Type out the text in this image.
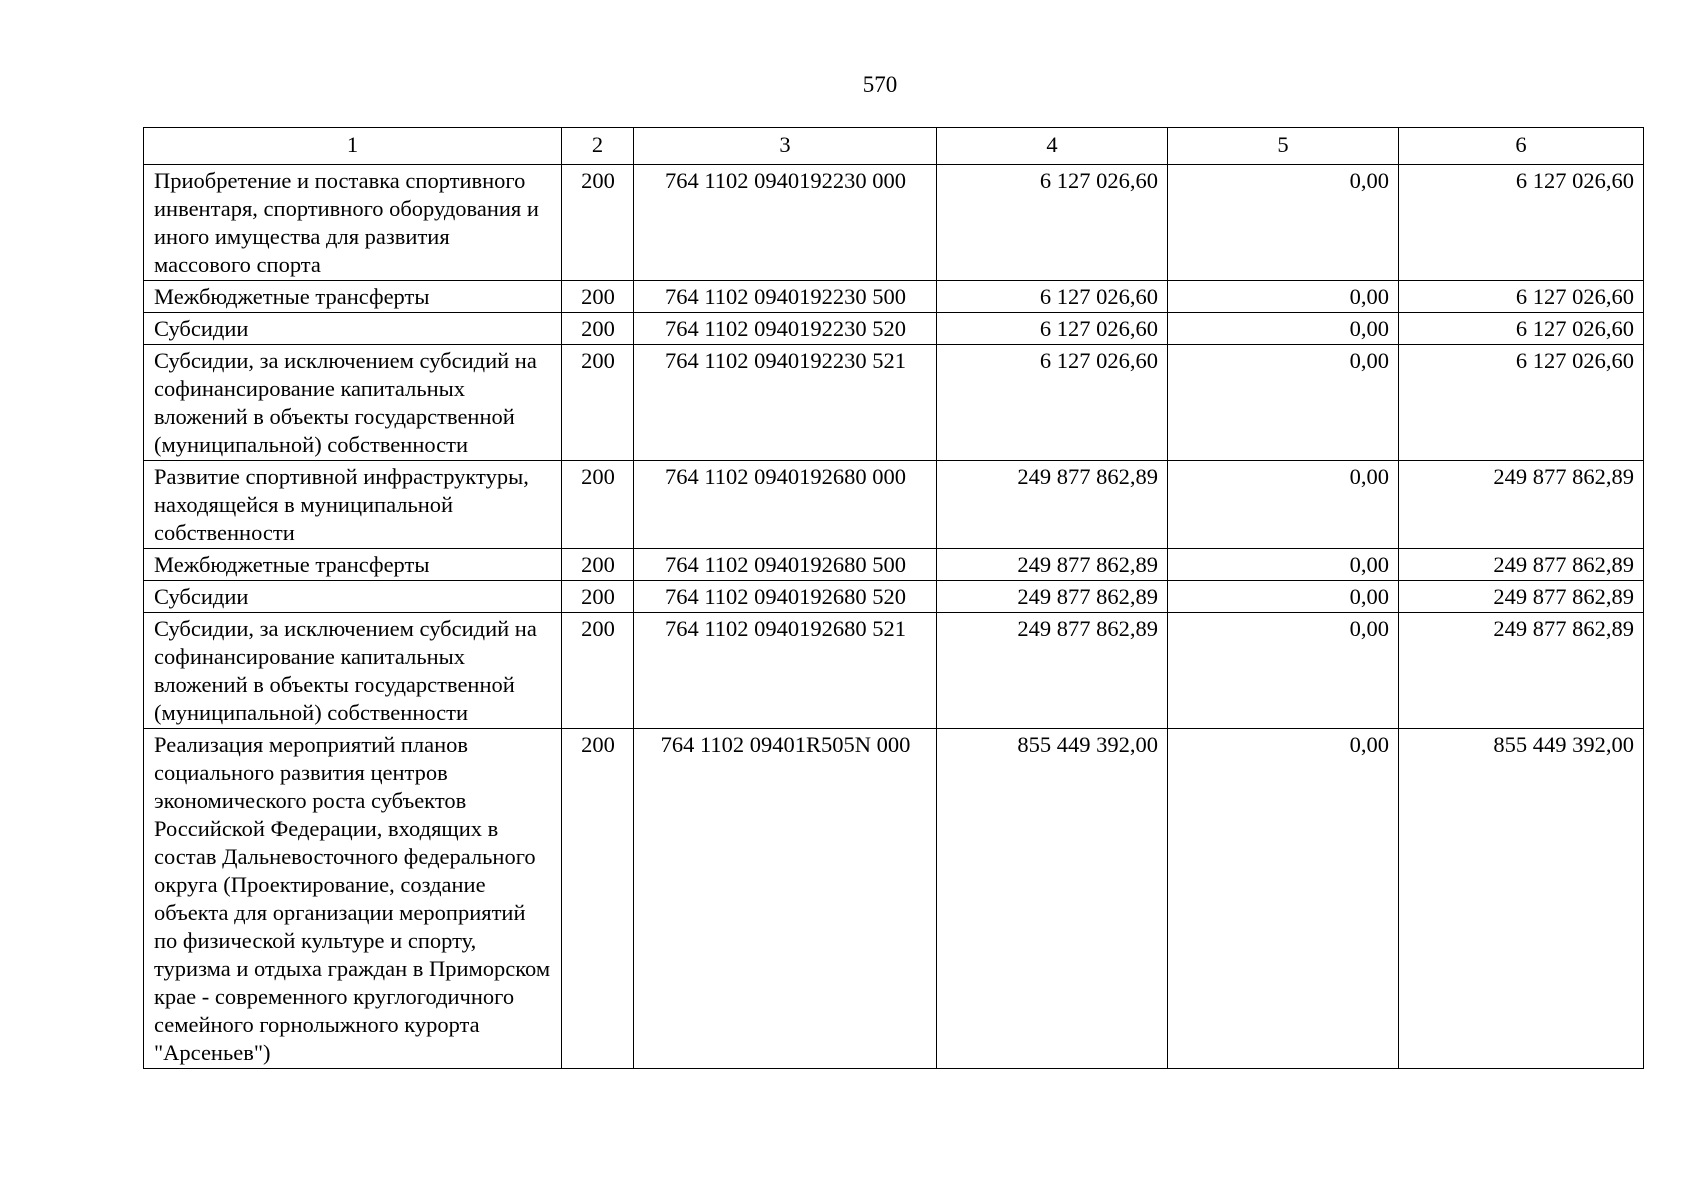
570
1	2	3	4	5	6
Приобретение и поставка спортивного инвентаря, спортивного оборудования и иного имущества для развития массового спорта	200	764 1102 0940192230 000	6 127 026,60	0,00	6 127 026,60
Межбюджетные трансферты	200	764 1102 0940192230 500	6 127 026,60	0,00	6 127 026,60
Субсидии	200	764 1102 0940192230 520	6 127 026,60	0,00	6 127 026,60
Субсидии, за исключением субсидий на софинансирование капитальных вложений в объекты государственной (муниципальной) собственности	200	764 1102 0940192230 521	6 127 026,60	0,00	6 127 026,60
Развитие спортивной инфраструктуры, находящейся в муниципальной собственности	200	764 1102 0940192680 000	249 877 862,89	0,00	249 877 862,89
Межбюджетные трансферты	200	764 1102 0940192680 500	249 877 862,89	0,00	249 877 862,89
Субсидии	200	764 1102 0940192680 520	249 877 862,89	0,00	249 877 862,89
Субсидии, за исключением субсидий на софинансирование капитальных вложений в объекты государственной (муниципальной) собственности	200	764 1102 0940192680 521	249 877 862,89	0,00	249 877 862,89
Реализация мероприятий планов социального развития центров экономического роста субъектов Российской Федерации, входящих в состав Дальневосточного федерального округа (Проектирование, создание объекта для организации мероприятий по физической культуре и спорту, туризма и отдыха граждан в Приморском крае - современного круглогодичного семейного горнолыжного курорта "Арсеньев")	200	764 1102 09401R505N 000	855 449 392,00	0,00	855 449 392,00
